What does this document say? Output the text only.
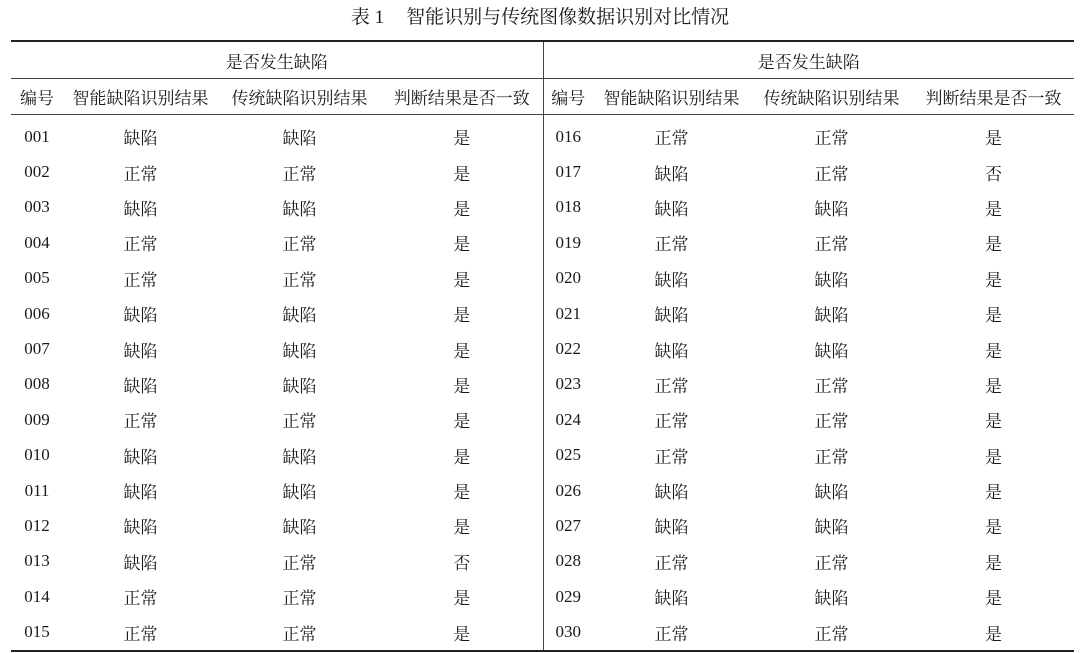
表 1 智能识别与传统图像数据识别对比情况
是否发生缺陷				是否发生缺陷			
编号	智能缺陷识别结果	传统缺陷识别结果	判断结果是否一致	编号	智能缺陷识别结果	传统缺陷识别结果	判断结果是否一致
001	缺陷	缺陷	是	016	正常	正常	是
002	正常	正常	是	017	缺陷	正常	否
003	缺陷	缺陷	是	018	缺陷	缺陷	是
004	正常	正常	是	019	正常	正常	是
005	正常	正常	是	020	缺陷	缺陷	是
006	缺陷	缺陷	是	021	缺陷	缺陷	是
007	缺陷	缺陷	是	022	缺陷	缺陷	是
008	缺陷	缺陷	是	023	正常	正常	是
009	正常	正常	是	024	正常	正常	是
010	缺陷	缺陷	是	025	正常	正常	是
011	缺陷	缺陷	是	026	缺陷	缺陷	是
012	缺陷	缺陷	是	027	缺陷	缺陷	是
013	缺陷	正常	否	028	正常	正常	是
014	正常	正常	是	029	缺陷	缺陷	是
015	正常	正常	是	030	正常	正常	是
